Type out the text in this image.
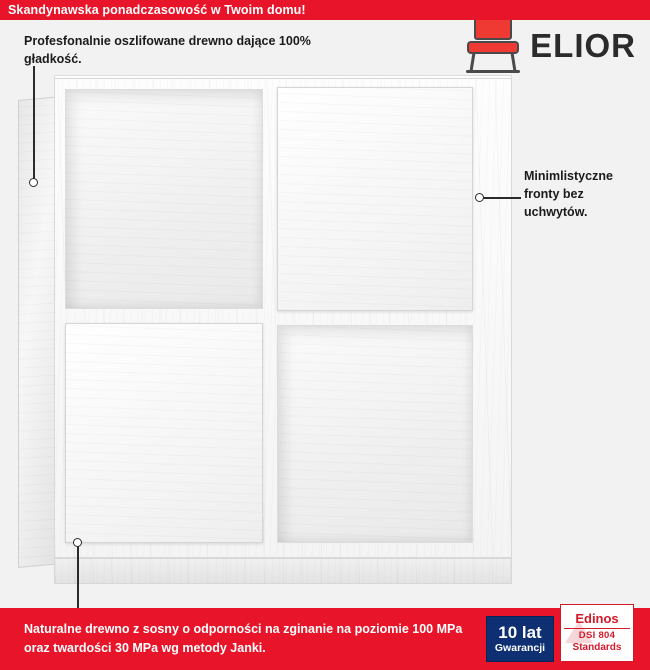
Skandynawska ponadczasowość w Twoim domu!
ELIOR
Profesfonalnie oszlifowane drewno dające 100% gładkość.
Minimlistyczne fronty bez uchwytów.
Naturalne drewno z sosny o odporności na zginanie na poziomie 100 MPa oraz twardości 30 MPa wg metody Janki.
10 lat
Gwarancji
Edinos
DSI 804
Standards
